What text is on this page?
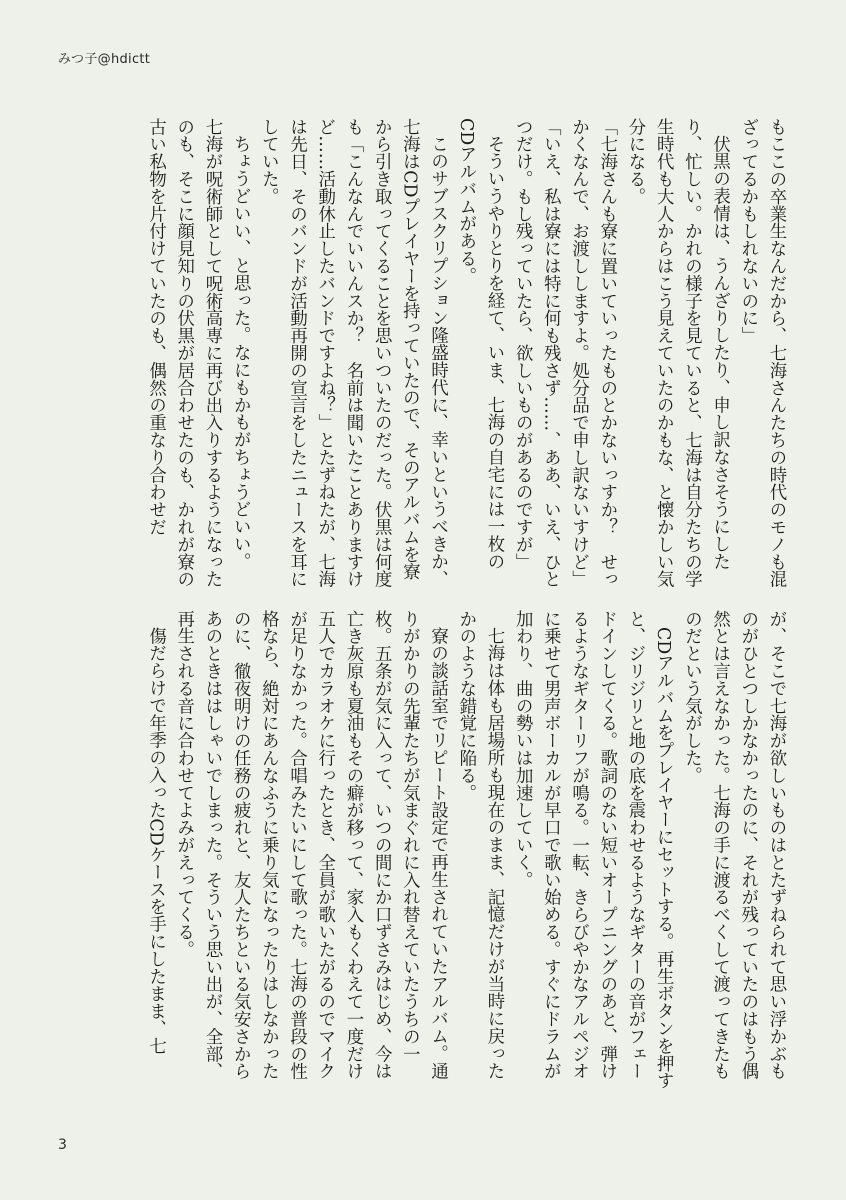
みつ子@hdictt

もここの卒業生なんだから、七海さんたちの時代のモノも混ざってるかもしれないのに」

伏黒の表情は、うんざりしたり、申し訳なさそうにしたり、忙しい。かれの様子を見ていると、七海は自分たちの学生時代も大人からはこう見えていたのかもな、と懐かしい気分になる。

「七海さんも寮に置いていったものとかないっすか？　せっかくなんで、お渡ししますよ。処分品で申し訳ないすけど」

「いえ、私は寮には特に何も残さず……、ああ、いえ、ひとつだけ。もし残っていたら、欲しいものがあるのですが」

そういうやりとりを経て、いま、七海の自宅には一枚のCDアルバムがある。

このサブスクリプション隆盛時代に、幸いというべきか、七海はCDプレイヤーを持っていたので、そのアルバムを寮から引き取ってくることを思いついたのだった。伏黒は何度も「こんなんでいいんスか？　名前は聞いたことありますけど……活動休止したバンドですよね？」とたずねたが、七海は先日、そのバンドが活動再開の宣言をしたニュースを耳にしていた。

ちょうどいい、と思った。なにもかもがちょうどいい。

七海が呪術師として呪術高専に再び出入りするようになったのも、そこに顔見知りの伏黒が居合わせたのも、かれが寮の古い私物を片付けていたのも、偶然の重なり合わせだ

が、そこで七海が欲しいものはとたずねられて思い浮かぶものがひとつしかなかったのに、それが残っていたのはもう偶然とは言えなかった。七海の手に渡るべくして渡ってきたものだという気がした。

CDアルバムをプレイヤーにセットする。再生ボタンを押すと、ジリジリと地の底を震わせるようなギターの音がフェードインしてくる。歌詞のない短いオープニングのあと、弾けるようなギターリフが鳴る。一転、きらびやかなアルペジオに乗せて男声ボーカルが早口で歌い始める。すぐにドラムが加わり、曲の勢いは加速していく。

七海は体も居場所も現在のまま、記憶だけが当時に戻ったかのような錯覚に陥る。

寮の談話室でリピート設定で再生されていたアルバム。通りがかりの先輩たちが気まぐれに入れ替えていたうちの一枚。五条が気に入って、いつの間にか口ずさみはじめ、今は亡き灰原も夏油もその癖が移って、家入もくわえて一度だけ五人でカラオケに行ったとき、全員が歌いたがるのでマイクが足りなかった。合唱みたいにして歌った。七海の普段の性格なら、絶対にあんなふうに乗り気になったりはしなかったのに、徹夜明けの任務の疲れと、友人たちといる気安さからあのときははしゃいでしまった。そういう思い出が、全部、再生される音に合わせてよみがえってくる。

傷だらけで年季の入ったCDケースを手にしたまま、七

3
